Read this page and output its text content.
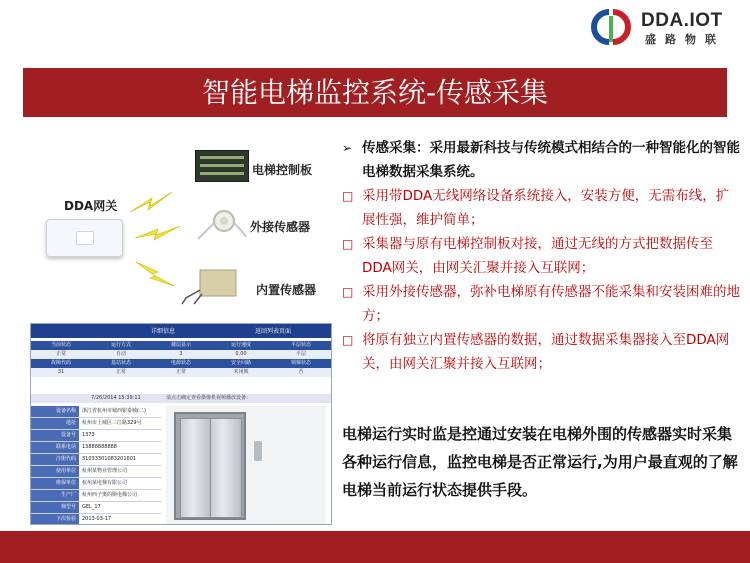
DDA.IOT
盛路物联
智能电梯监控系统-传感采集
DDA网关
电梯控制板
外接传感器
内置传感器
详细信息	返回列表页面
当前状态	运行方式	楼层显示	运行速度	平层状态
正常	自动	3	0.00	平层
故障代码	基站状态	电源状态	安全回路	锁梯状态
31	正常	正常	未闭锁	否
7/26/2014 15:39:11	请点击确定查看摄像机视频播放设备：
设备名称	浙江省杭州市城西银泰城(二)
地址	杭州市上城区三江路329号
设备号	1373
联系电话	13888888888
注册代码	31033301083201601
使用单位	杭州某物业管理公司
维保单位	杭州某电梯有限公司
生产厂	杭州西子奥的斯电梯公司
梯型号	GEL_17
下次检验	2013-03-17
➢ 传感采集：采用最新科技与传统模式相结合的一种智能化的智能电梯数据采集系统。
□ 采用带DDA无线网络设备系统接入，安装方便，无需布线，扩展性强，维护简单；
□ 采集器与原有电梯控制板对接，通过无线的方式把数据传至DDA网关，由网关汇聚并接入互联网；
□ 采用外接传感器，弥补电梯原有传感器不能采集和安装困难的地方；
□ 将原有独立内置传感器的数据，通过数据采集器接入至DDA网关，由网关汇聚并接入互联网；
电梯运行实时监是控通过安装在电梯外围的传感器实时采集各种运行信息，监控电梯是否正常运行,为用户最直观的了解电梯当前运行状态提供手段。
